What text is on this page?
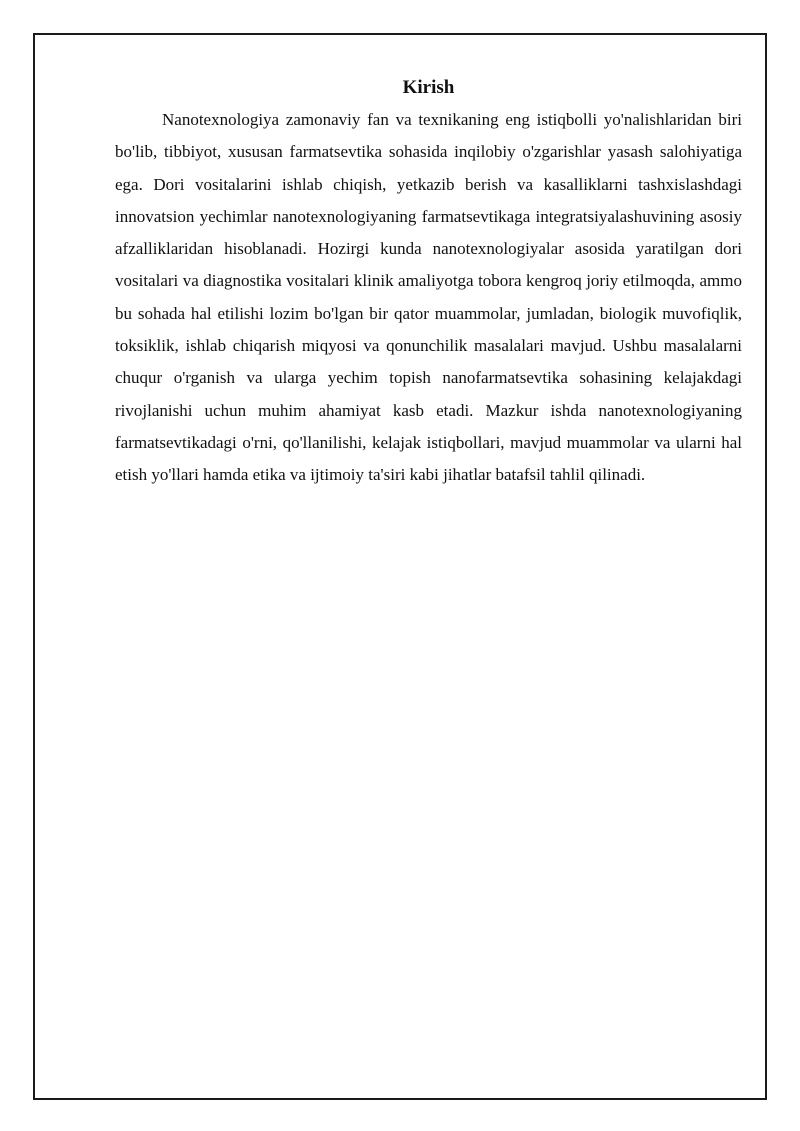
Kirish

Nanotexnologiya zamonaviy fan va texnikaning eng istiqbolli yo'nalishlaridan biri bo'lib, tibbiyot, xususan farmatsevtika sohasida inqilobiy o'zgarishlar yasash salohiyatiga ega. Dori vositalarini ishlab chiqish, yetkazib berish va kasalliklarni tashxislashdagi innovatsion yechimlar nanotexnologiyaning farmatsevtikaga integratsiyalashuvining asosiy afzalliklaridan hisoblanadi. Hozirgi kunda nanotexnologiyalar asosida yaratilgan dori vositalari va diagnostika vositalari klinik amaliyotga tobora kengroq joriy etilmoqda, ammo bu sohada hal etilishi lozim bo'lgan bir qator muammolar, jumladan, biologik muvofiqlik, toksiklik, ishlab chiqarish miqyosi va qonunchilik masalalari mavjud. Ushbu masalalarni chuqur o'rganish va ularga yechim topish nanofarmatsevtika sohasining kelajakdagi rivojlanishi uchun muhim ahamiyat kasb etadi. Mazkur ishda nanotexnologiyaning farmatsevtikadagi o'rni, qo'llanilishi, kelajak istiqbollari, mavjud muammolar va ularni hal etish yo'llari hamda etika va ijtimoiy ta'siri kabi jihatlar batafsil tahlil qilinadi.
